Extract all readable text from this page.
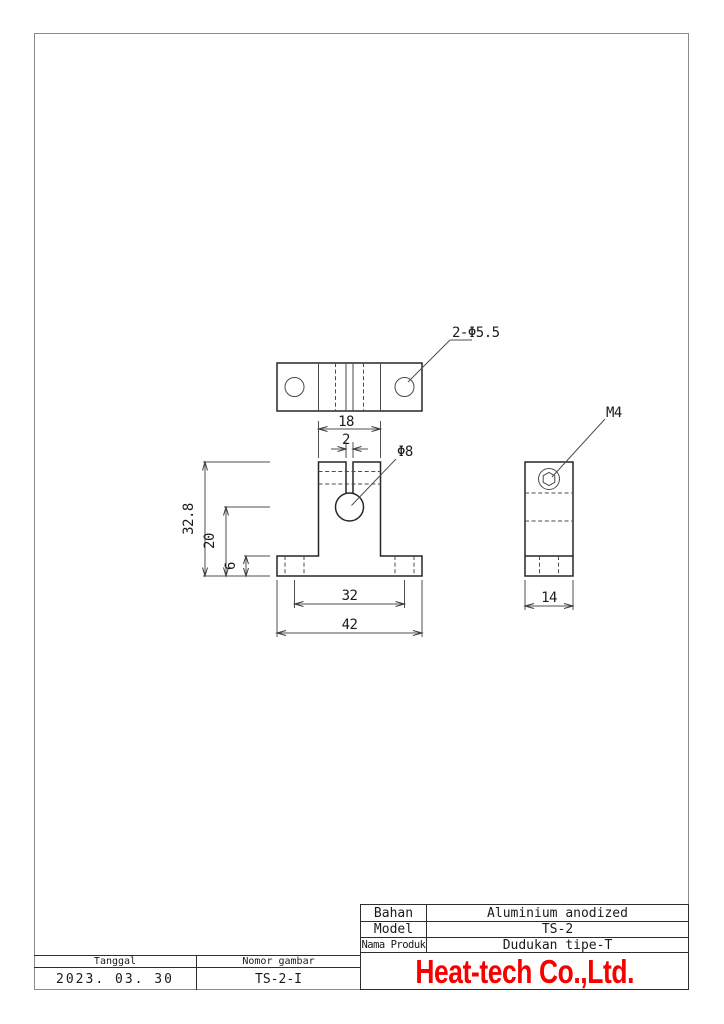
18
2
32.8
20
6
32
42
14
2-Φ5.5
Φ8
M4
Bahan	Aluminium anodized
Model	TS-2
Nama Produk	Dudukan tipe-T
Heat-tech Co.,Ltd.
Tanggal	Nomor gambar
2023. 03. 30	TS-2-I
